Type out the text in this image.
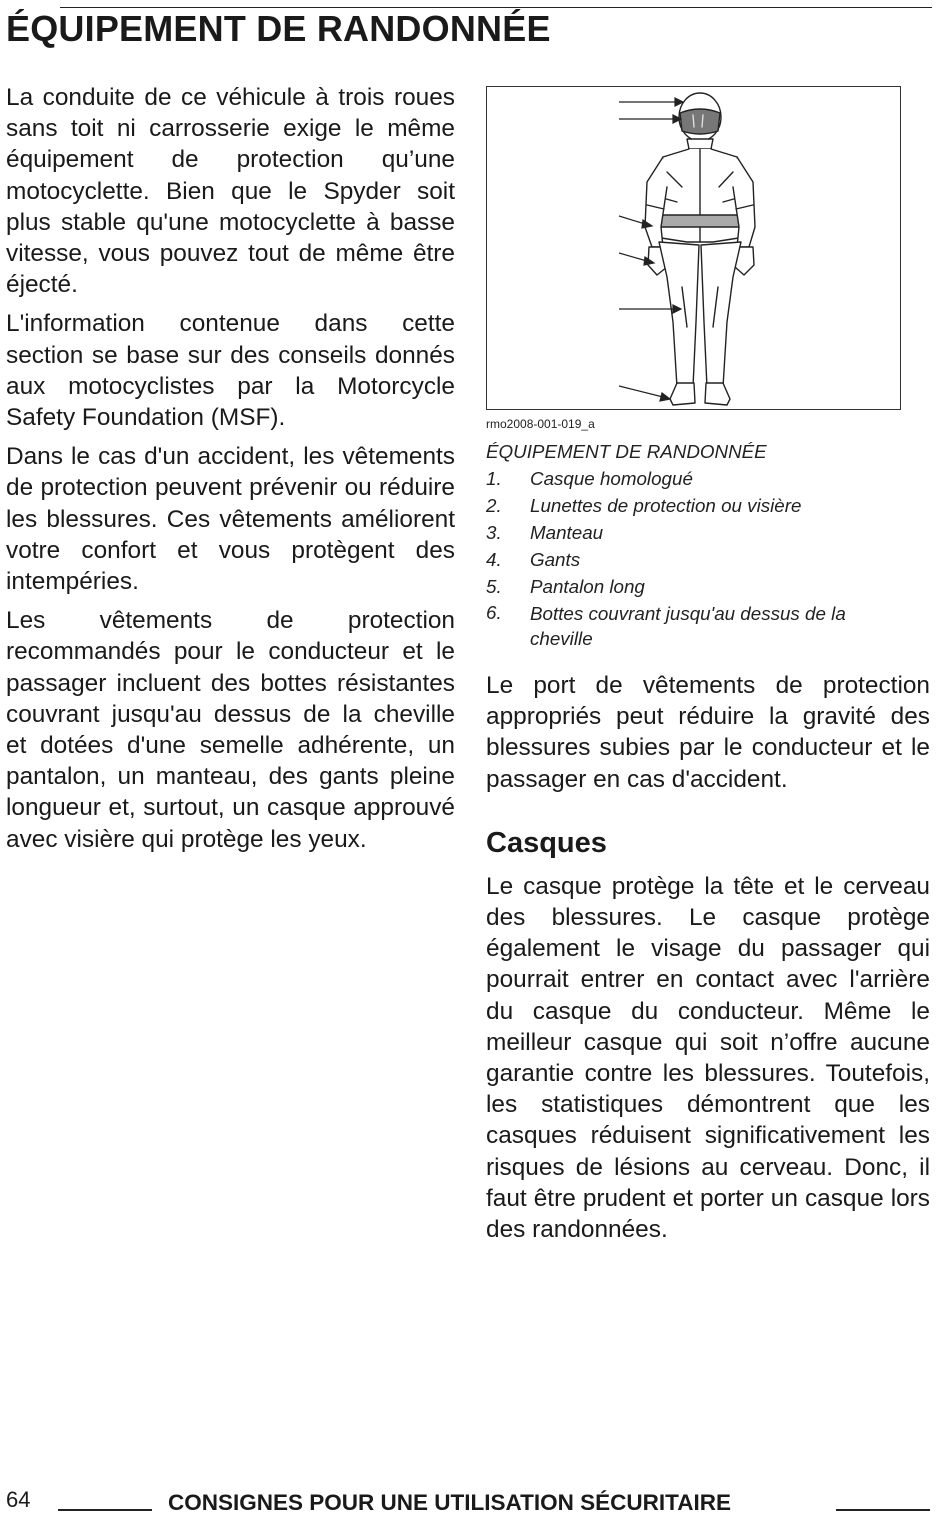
ÉQUIPEMENT DE RANDONNÉE

La conduite de ce véhicule à trois roues sans toit ni carrosserie exige le même équipement de protection qu’une motocyclette. Bien que le Spyder soit plus stable qu'une motocyclette à basse vitesse, vous pouvez tout de même être éjecté.

L'information contenue dans cette section se base sur des conseils donnés aux motocyclistes par la Motorcycle Safety Foundation (MSF).

Dans le cas d'un accident, les vêtements de protection peuvent prévenir ou réduire les blessures. Ces vêtements améliorent votre confort et vous protègent des intempéries.

Les vêtements de protection recommandés pour le conducteur et le passager incluent des bottes résistantes couvrant jusqu'au dessus de la cheville et dotées d'une semelle adhérente, un pantalon, un manteau, des gants pleine longueur et, surtout, un casque approuvé avec visière qui protège les yeux.

rmo2008-001-019_a

ÉQUIPEMENT DE RANDONNÉE

1. Casque homologué
2. Lunettes de protection ou visière
3. Manteau
4. Gants
5. Pantalon long
6. Bottes couvrant jusqu'au dessus de la cheville

Le port de vêtements de protection appropriés peut réduire la gravité des blessures subies par le conducteur et le passager en cas d'accident.

Casques

Le casque protège la tête et le cerveau des blessures. Le casque protège également le visage du passager qui pourrait entrer en contact avec l'arrière du casque du conducteur. Même le meilleur casque qui soit n’offre aucune garantie contre les blessures. Toutefois, les statistiques démontrent que les casques réduisent significativement les risques de lésions au cerveau. Donc, il faut être prudent et porter un casque lors des randonnées.

64	CONSIGNES POUR UNE UTILISATION SÉCURITAIRE
